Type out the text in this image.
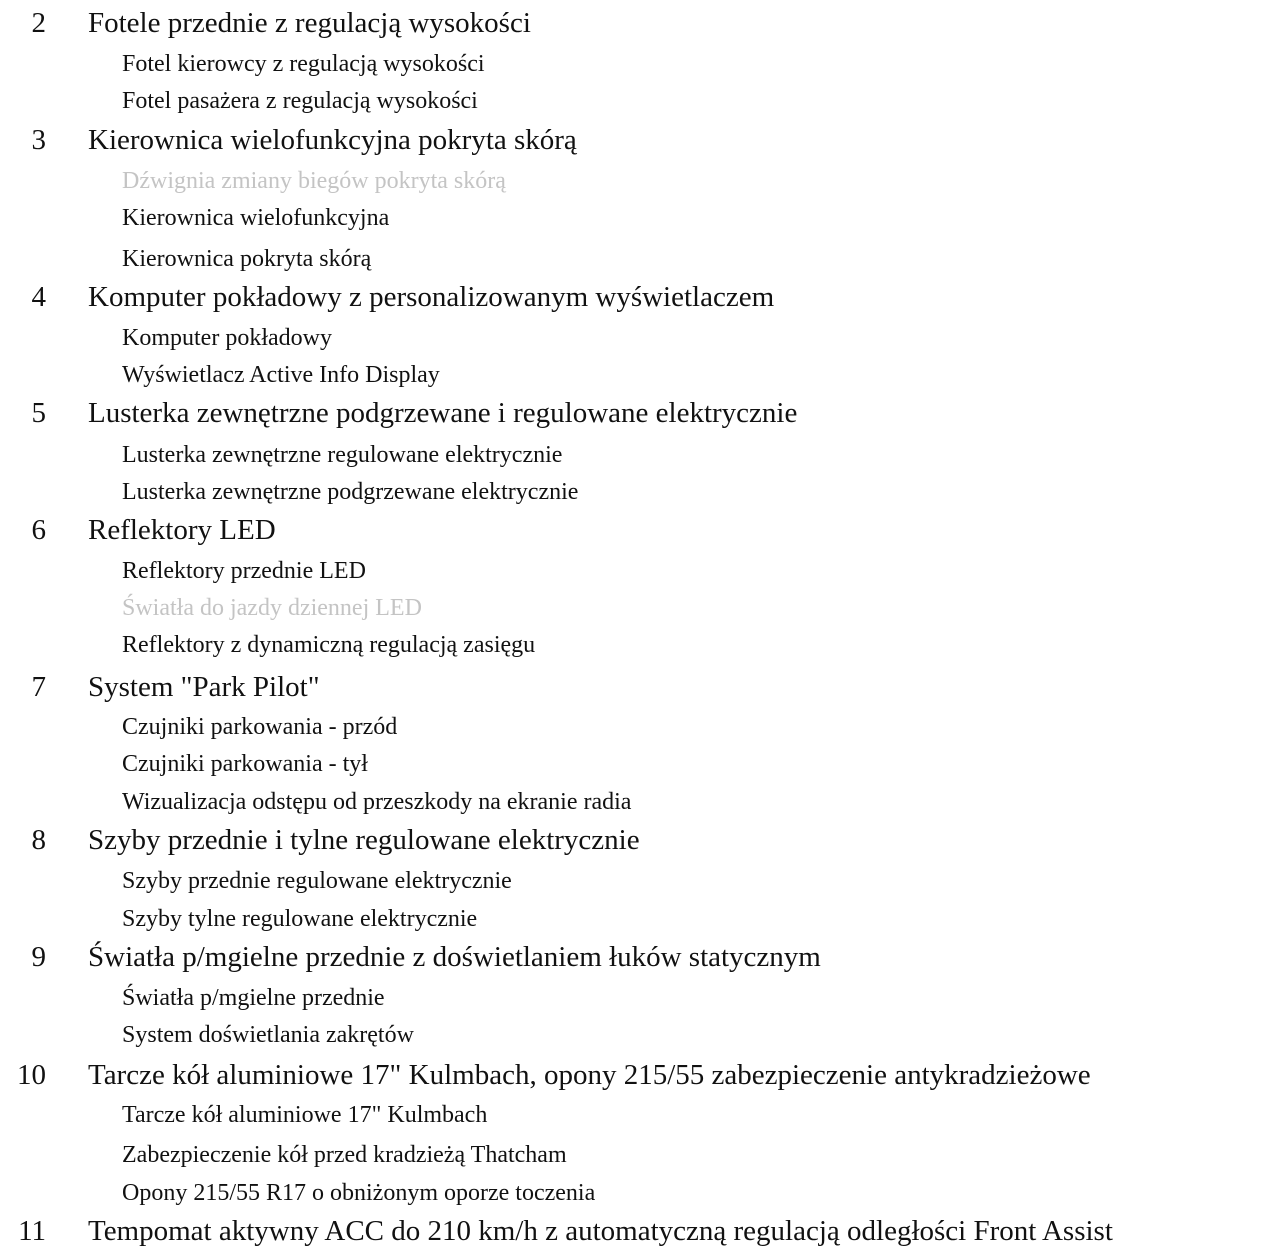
2 Fotele przednie z regulacją wysokości
Fotel kierowcy z regulacją wysokości
Fotel pasażera z regulacją wysokości
3 Kierownica wielofunkcyjna pokryta skórą
Dźwignia zmiany biegów pokryta skórą
Kierownica wielofunkcyjna
Kierownica pokryta skórą
4 Komputer pokładowy z personalizowanym wyświetlaczem
Komputer pokładowy
Wyświetlacz Active Info Display
5 Lusterka zewnętrzne podgrzewane i regulowane elektrycznie
Lusterka zewnętrzne regulowane elektrycznie
Lusterka zewnętrzne podgrzewane elektrycznie
6 Reflektory LED
Reflektory przednie LED
Światła do jazdy dziennej LED
Reflektory z dynamiczną regulacją zasięgu
7 System "Park Pilot"
Czujniki parkowania - przód
Czujniki parkowania - tył
Wizualizacja odstępu od przeszkody na ekranie radia
8 Szyby przednie i tylne regulowane elektrycznie
Szyby przednie regulowane elektrycznie
Szyby tylne regulowane elektrycznie
9 Światła p/mgielne przednie z doświetlaniem łuków statycznym
Światła p/mgielne przednie
System doświetlania zakrętów
10 Tarcze kół aluminiowe 17" Kulmbach, opony 215/55 zabezpieczenie antykradzieżowe
Tarcze kół aluminiowe 17" Kulmbach
Zabezpieczenie kół przed kradzieżą Thatcham
Opony 215/55 R17 o obniżonym oporze toczenia
11 Tempomat aktywny ACC do 210 km/h z automatyczną regulacją odległości Front Assist
